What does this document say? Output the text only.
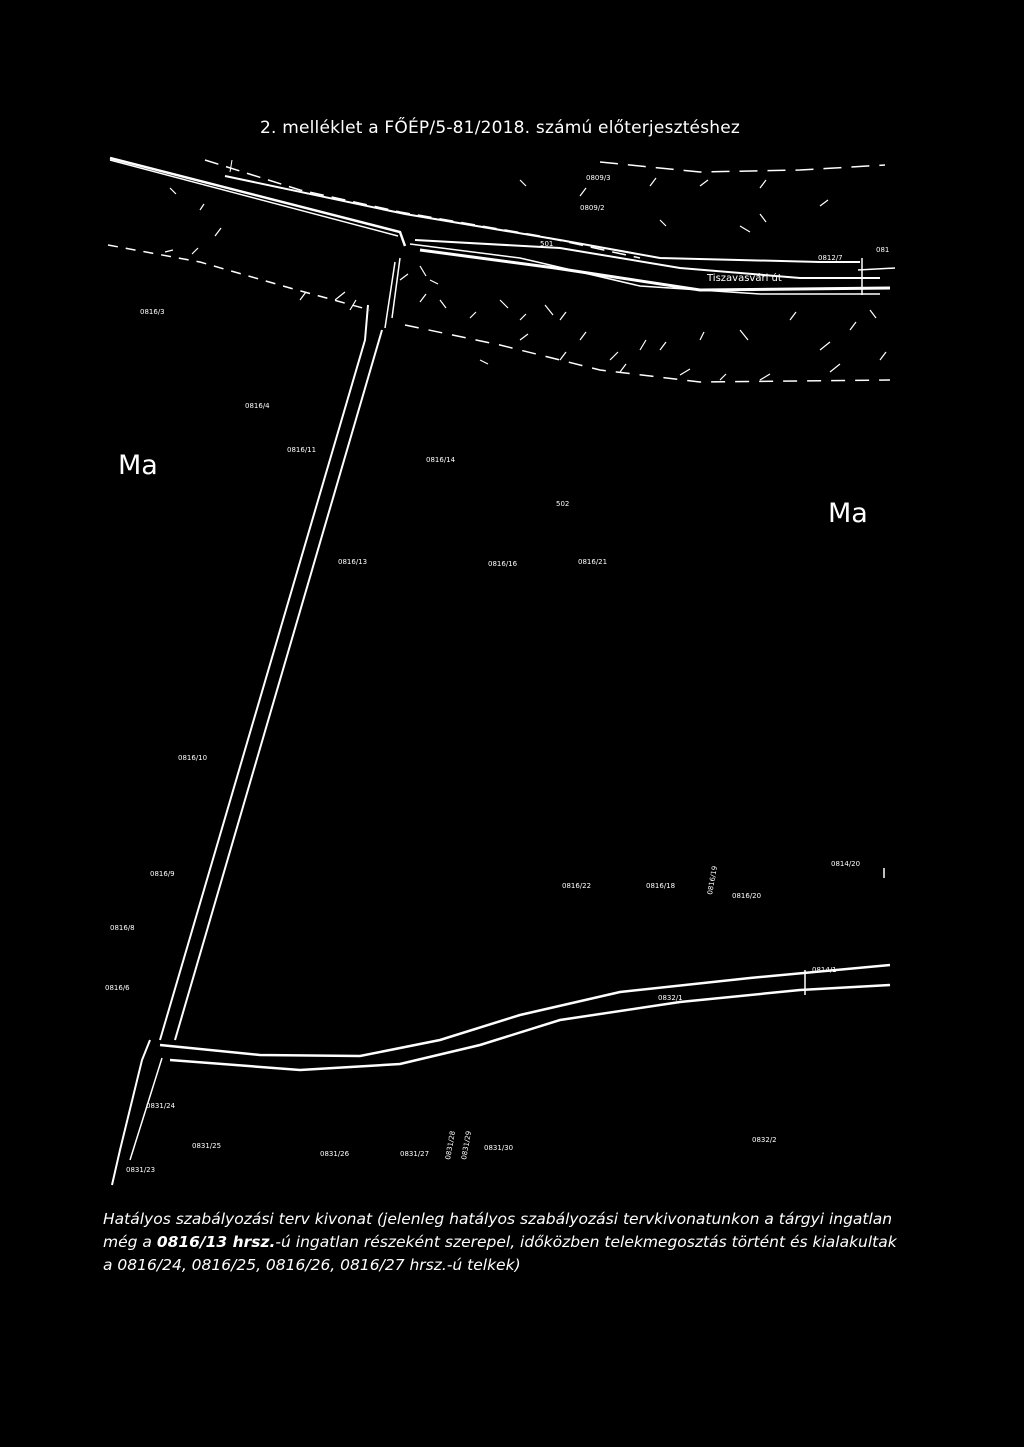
2. melléklet a FŐÉP/5-81/2018. számú előterjesztéshez
Ma
Ma
Tiszavasvári út
0816/3
0816/4
0816/11
0816/14
502
0816/13	0816/16	0816/21
0816/10
0816/9
0816/8
0816/6
0816/22	0816/18	0816/19
0816/20
0814/20
0809/3
0809/2
0812/7
081
501
0831/24
0831/25
0831/26	0831/27 0831/28 0831/29 0831/30
0832/2
0831/23
0832/1
0814/1
Hatályos szabályozási terv kivonat (jelenleg hatályos szabályozási tervkivonatunkon a tárgyi ingatlan még a 0816/13 hrsz.-ú ingatlan részeként szerepel, időközben telekmegosztás történt és kialakultak a 0816/24, 0816/25, 0816/26, 0816/27 hrsz.-ú telkek)
